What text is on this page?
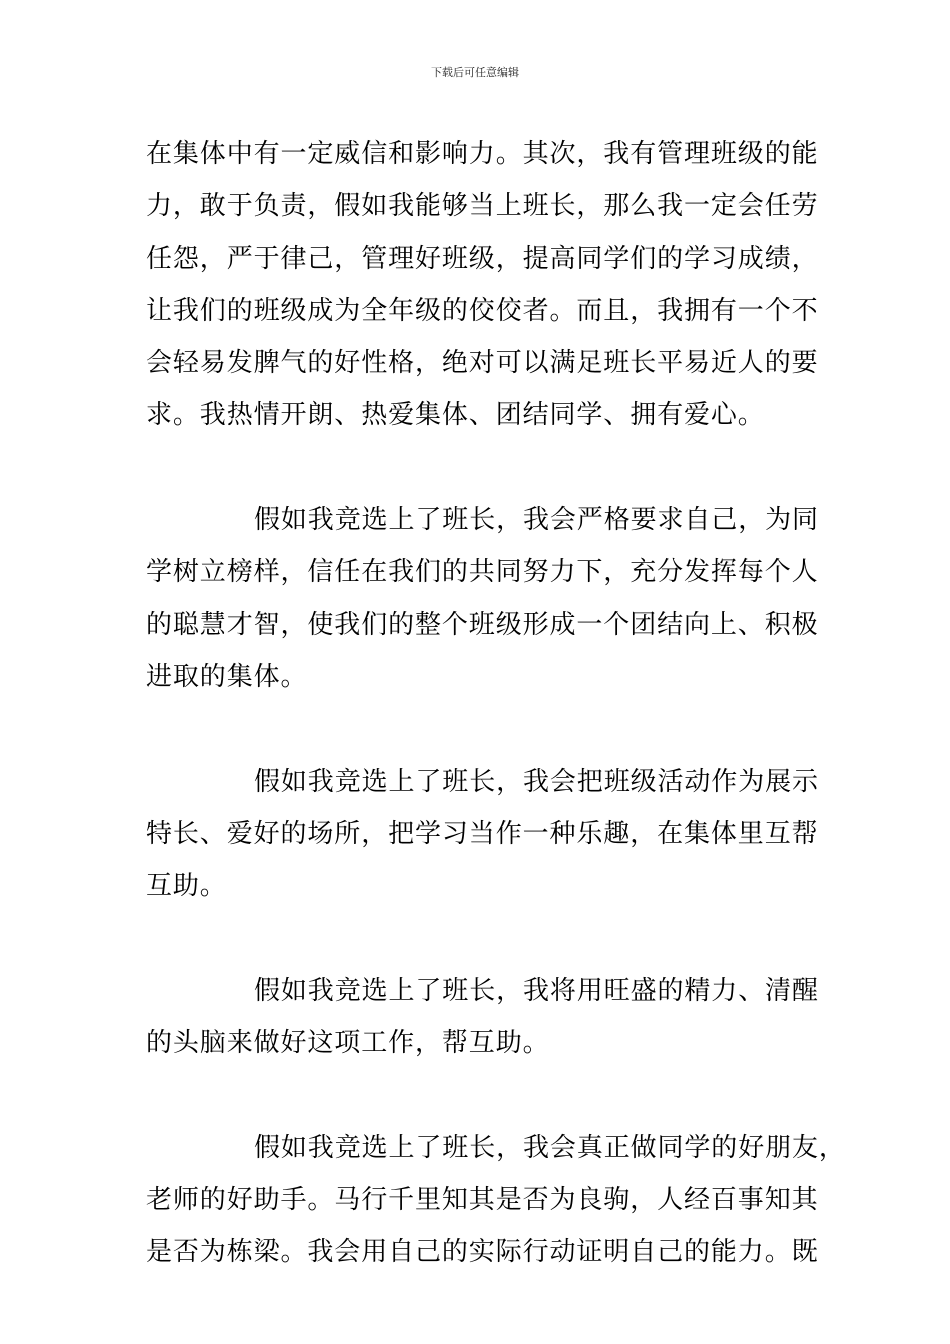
下载后可任意编辑

在集体中有一定威信和影响力。其次，我有管理班级的能
力，敢于负责，假如我能够当上班长，那么我一定会任劳
任怨，严于律己，管理好班级，提高同学们的学习成绩，
让我们的班级成为全年级的佼佼者。而且，我拥有一个不
会轻易发脾气的好性格，绝对可以满足班长平易近人的要
求。我热情开朗、热爱集体、团结同学、拥有爱心。

假如我竞选上了班长，我会严格要求自己，为同
学树立榜样，信任在我们的共同努力下，充分发挥每个人
的聪慧才智，使我们的整个班级形成一个团结向上、积极
进取的集体。

假如我竞选上了班长，我会把班级活动作为展示
特长、爱好的场所，把学习当作一种乐趣，在集体里互帮
互助。

假如我竞选上了班长，我将用旺盛的精力、清醒
的头脑来做好这项工作，帮互助。

假如我竞选上了班长，我会真正做同学的好朋友，
老师的好助手。马行千里知其是否为良驹，人经百事知其
是否为栋梁。我会用自己的实际行动证明自己的能力。既
